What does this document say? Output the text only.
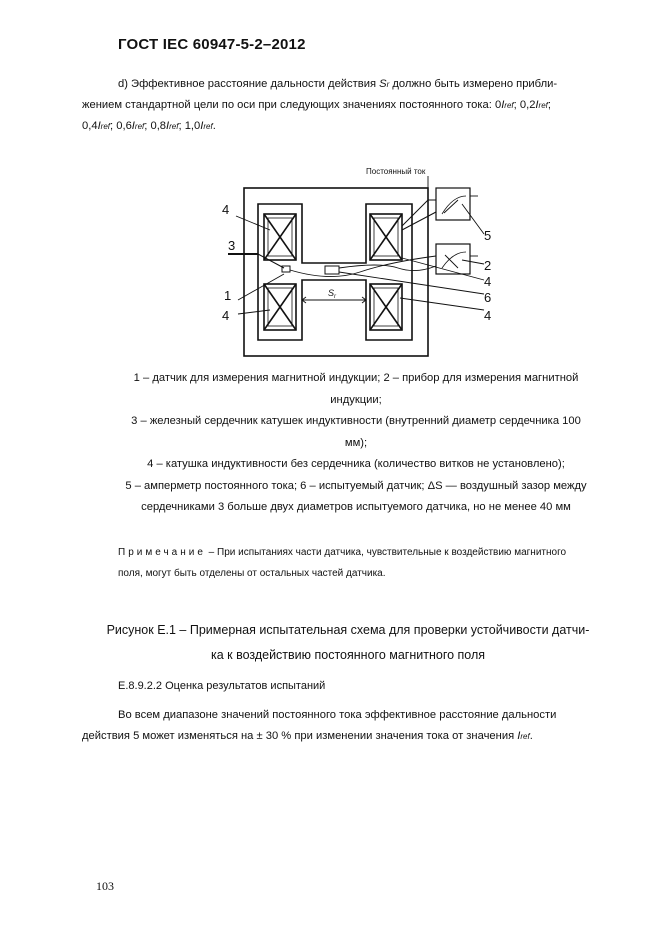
ГОСТ IEC 60947-5-2–2012
d) Эффективное расстояние дальности действия Sr должно быть измерено прибли-
жением стандартной цели по оси при следующих значениях постоянного тока: 0Iref; 0,2Iref;
0,4Iref; 0,6Iref; 0,8Iref; 1,0Iref.
4
3
1
4
5
2
4
6
4
Постоянный ток
S r
1 – датчик для измерения магнитной индукции; 2 – прибор для измерения магнитной
индукции;
3 – железный сердечник катушек индуктивности (внутренний диаметр сердечника 100
мм);
4 – катушка индуктивности без сердечника (количество витков не установлено);
5 – амперметр постоянного тока; 6 – испытуемый датчик; ΔS — воздушный зазор между
сердечниками 3 больше двух диаметров испытуемого датчика, но не менее 40 мм
Примечание – При испытаниях части датчика, чувствительные к воздействию магнитного
поля, могут быть отделены от остальных частей датчика.
Рисунок Е.1 – Примерная испытательная схема для проверки устойчивости датчи-
ка к воздействию постоянного магнитного поля
Е.8.9.2.2 Оценка результатов испытаний
Во всем диапазоне значений постоянного тока эффективное расстояние дальности
действия 5 может изменяться на ± 30 % при изменении значения тока от значения Iref.
103
